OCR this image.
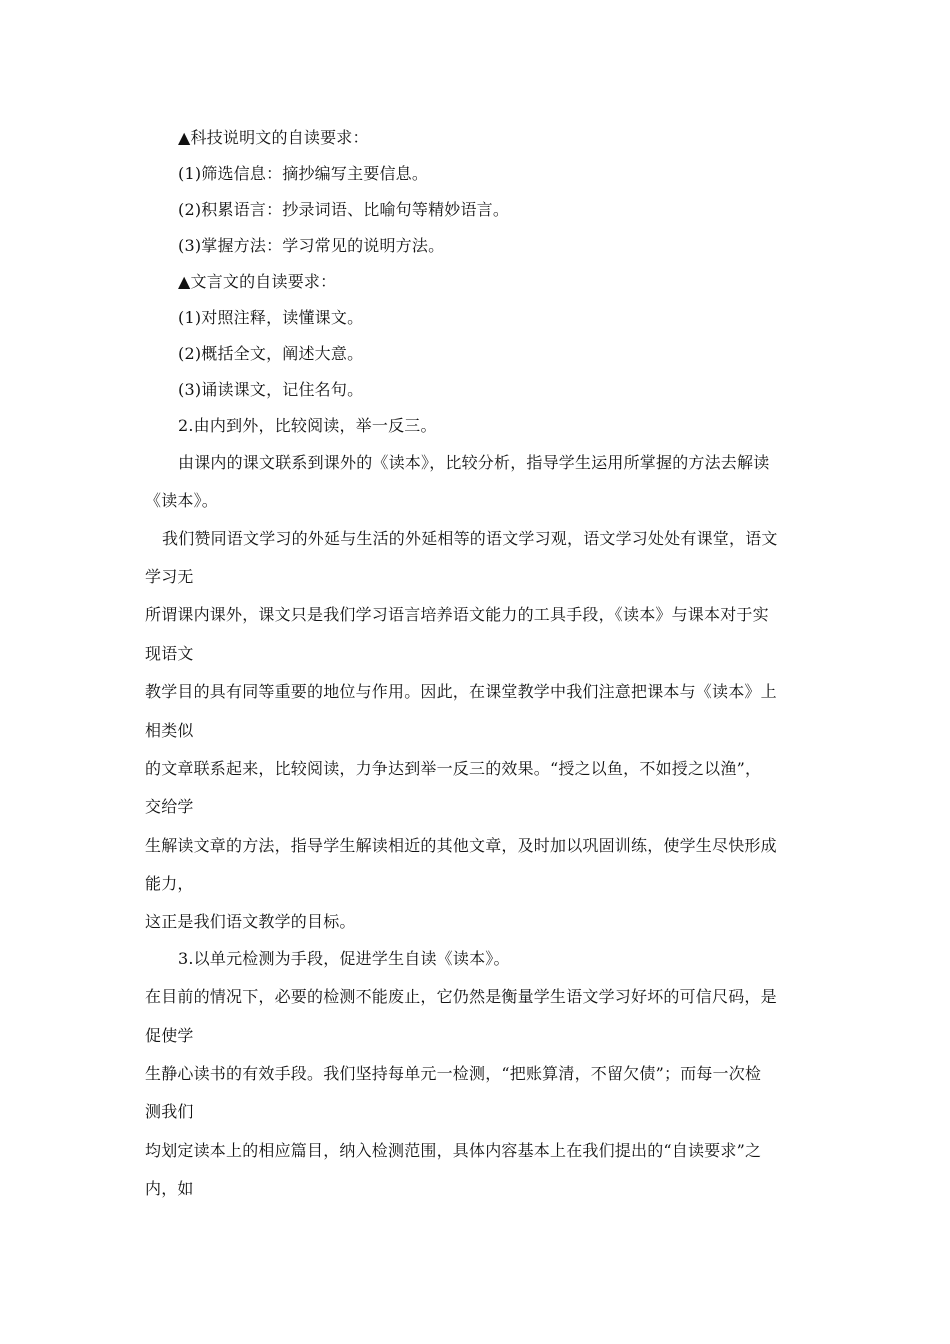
▲科技说明文的自读要求：
(1)筛选信息：摘抄编写主要信息。
(2)积累语言：抄录词语、比喻句等精妙语言。
(3)掌握方法：学习常见的说明方法。
▲文言文的自读要求：
(1)对照注释，读懂课文。
(2)概括全文，阐述大意。
(3)诵读课文，记住名句。
2.由内到外，比较阅读，举一反三。
由课内的课文联系到课外的《读本》，比较分析，指导学生运用所掌握的方法去解读
《读本》。
我们赞同语文学习的外延与生活的外延相等的语文学习观，语文学习处处有课堂，语文
学习无
所谓课内课外，课文只是我们学习语言培养语文能力的工具手段，《读本》与课本对于实
现语文
教学目的具有同等重要的地位与作用。因此，在课堂教学中我们注意把课本与《读本》上
相类似
的文章联系起来，比较阅读，力争达到举一反三的效果。“授之以鱼，不如授之以渔”，
交给学
生解读文章的方法，指导学生解读相近的其他文章，及时加以巩固训练，使学生尽快形成
能力，
这正是我们语文教学的目标。
3.以单元检测为手段，促进学生自读《读本》。
在目前的情况下，必要的检测不能废止，它仍然是衡量学生语文学习好坏的可信尺码，是
促使学
生静心读书的有效手段。我们坚持每单元一检测，“把账算清，不留欠债”；而每一次检
测我们
均划定读本上的相应篇目，纳入检测范围，具体内容基本上在我们提出的“自读要求”之
内，如
